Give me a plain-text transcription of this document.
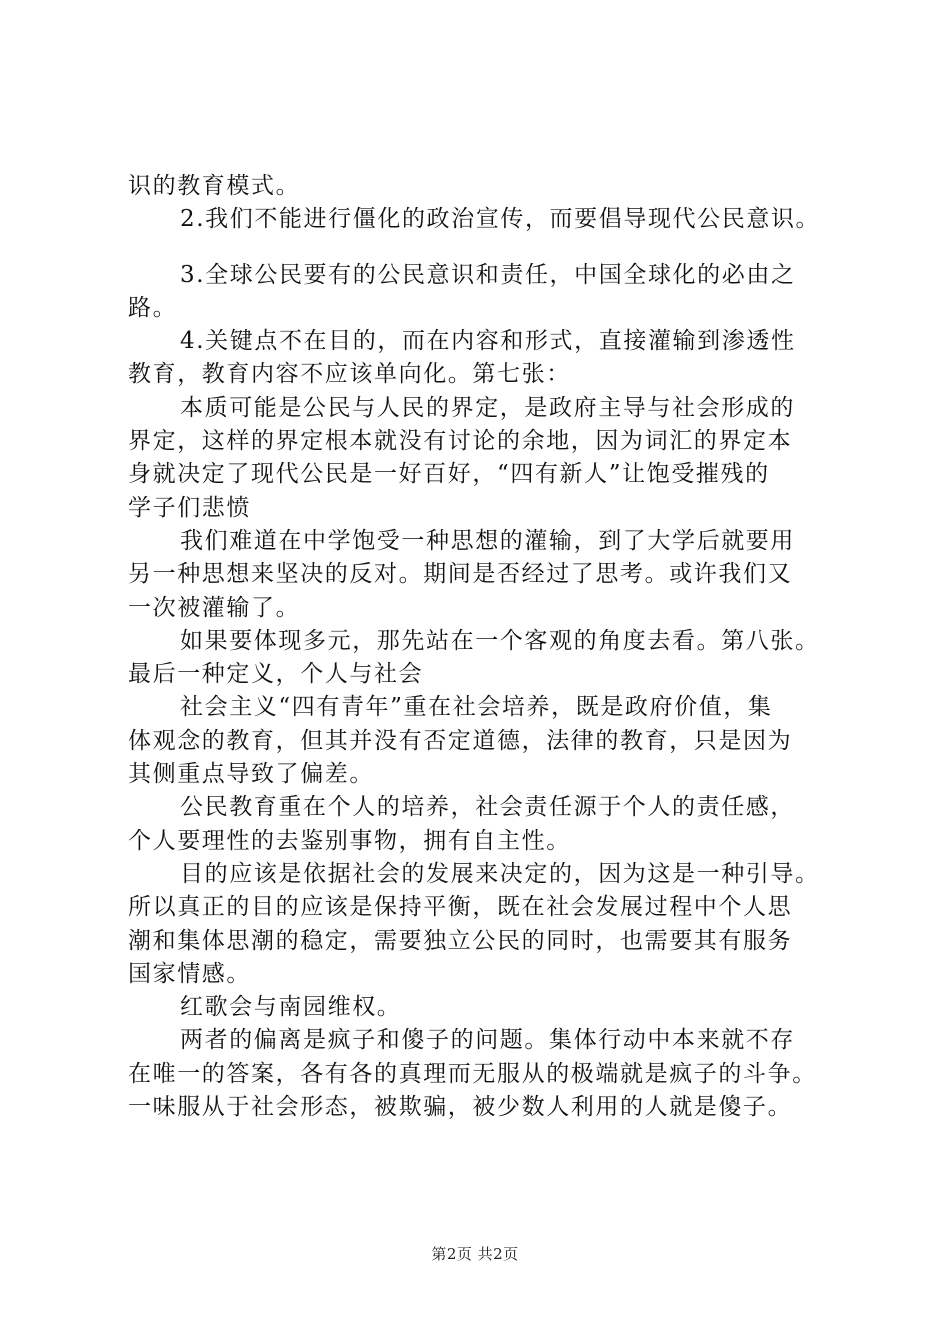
识的教育模式。
2.我们不能进行僵化的政治宣传，而要倡导现代公民意识。
3.全球公民要有的公民意识和责任，中国全球化的必由之
路。
4.关键点不在目的，而在内容和形式，直接灌输到渗透性
教育，教育内容不应该单向化。第七张：
本质可能是公民与人民的界定，是政府主导与社会形成的
界定，这样的界定根本就没有讨论的余地，因为词汇的界定本
身就决定了现代公民是一好百好，“四有新人”让饱受摧残的
学子们悲愤
我们难道在中学饱受一种思想的灌输，到了大学后就要用
另一种思想来坚决的反对。期间是否经过了思考。或许我们又
一次被灌输了。
如果要体现多元，那先站在一个客观的角度去看。第八张。
最后一种定义，个人与社会
社会主义“四有青年”重在社会培养，既是政府价值，集
体观念的教育，但其并没有否定道德，法律的教育，只是因为
其侧重点导致了偏差。
公民教育重在个人的培养，社会责任源于个人的责任感，
个人要理性的去鉴别事物，拥有自主性。
目的应该是依据社会的发展来决定的，因为这是一种引导。
所以真正的目的应该是保持平衡，既在社会发展过程中个人思
潮和集体思潮的稳定，需要独立公民的同时，也需要其有服务
国家情感。
红歌会与南园维权。
两者的偏离是疯子和傻子的问题。集体行动中本来就不存
在唯一的答案，各有各的真理而无服从的极端就是疯子的斗争。
一味服从于社会形态，被欺骗，被少数人利用的人就是傻子。
第2页 共2页
